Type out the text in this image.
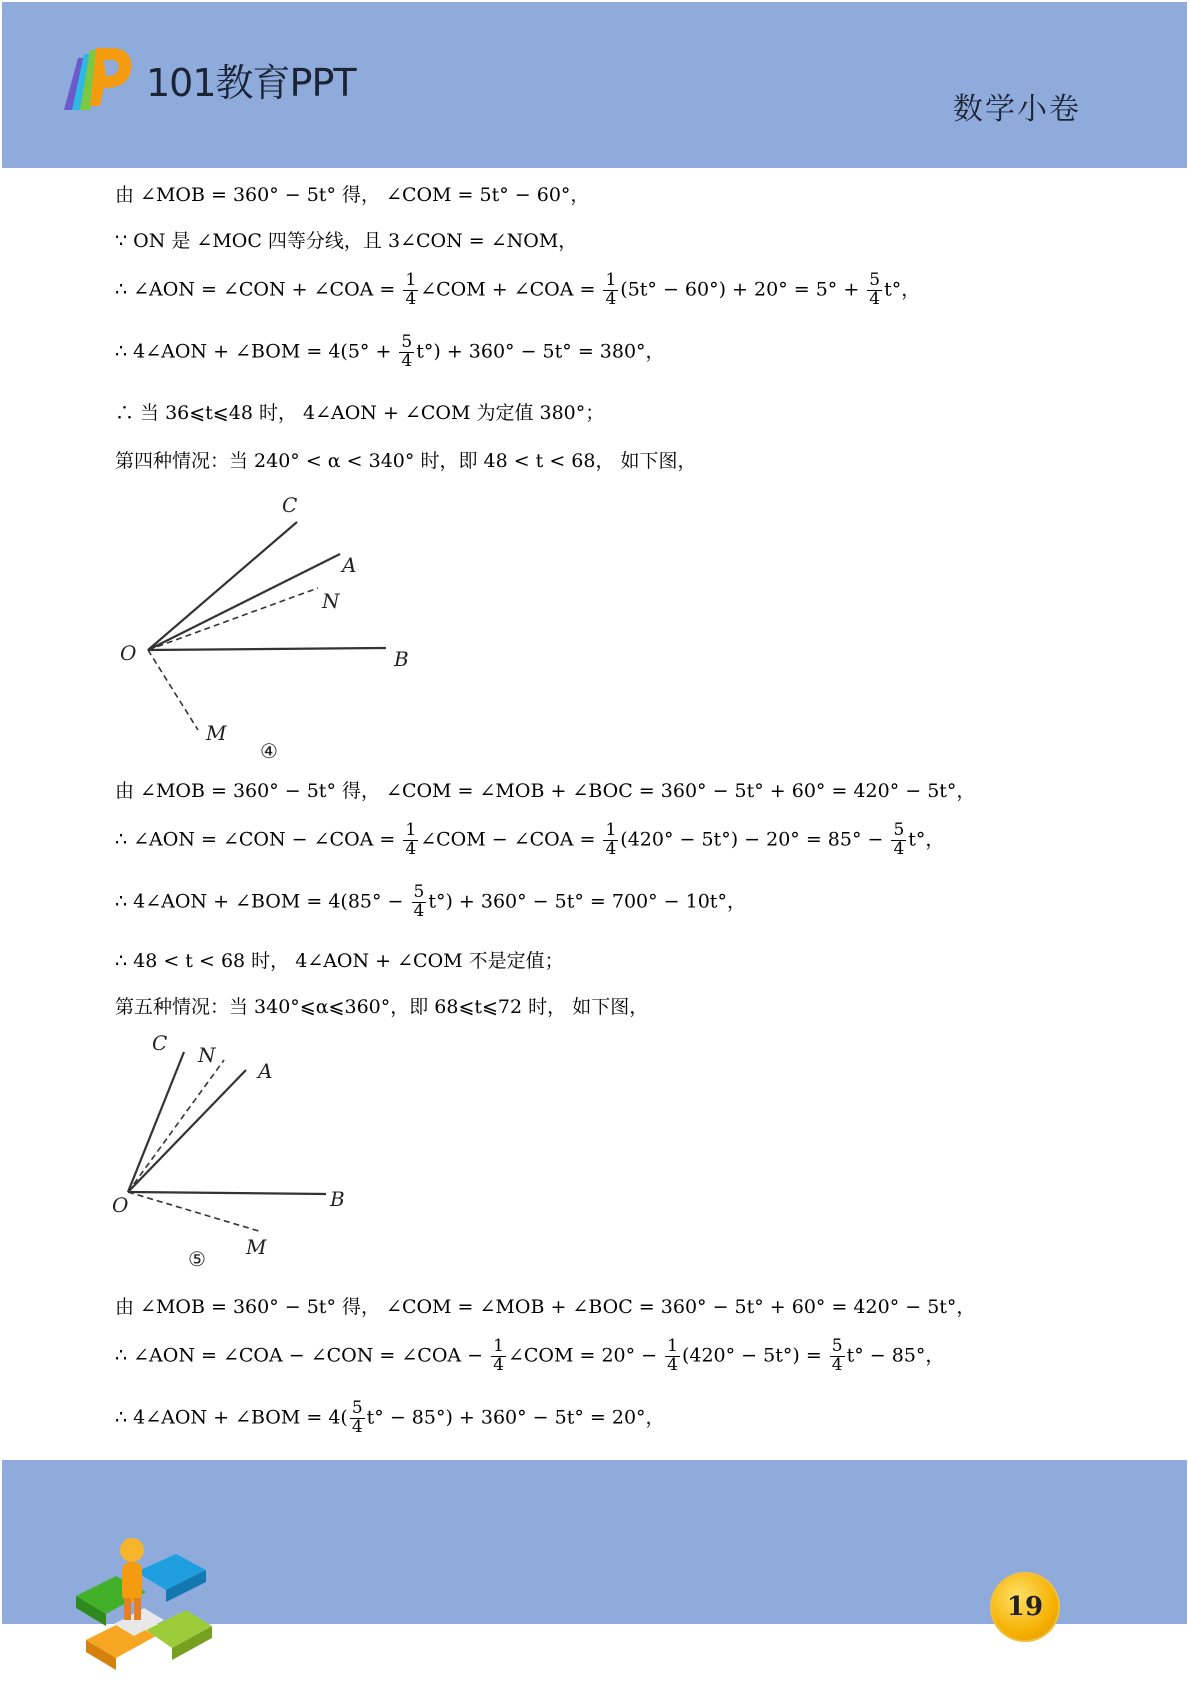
101教育PPT
数学小卷
由 ∠MOB = 360° − 5t° 得， ∠COM = 5t° − 60°，
∵ ON 是 ∠MOC 四等分线，且 3∠CON = ∠NOM，
∴ ∠AON = ∠CON + ∠COA = $\frac{1}{4}$ ∠COM + ∠COA = $\frac{1}{4} (5t^\circ - 60^\circ) + 20^\circ = 5^\circ + \frac{5}{4} t^\circ$，
∴ 4∠AON + ∠BOM = $4(5^\circ + \frac{5}{4} t^\circ) + 360^\circ - 5t^\circ = 380^\circ$，
∴ 当 36⩽t⩽48 时， 4∠AON + ∠COM 为定值 380°；
第四种情况：当 240° < α < 340° 时，即 48 < t < 68， 如下图，
C
A
N
O	B
M
④
由 ∠MOB = 360° − 5t° 得， ∠COM = ∠MOB + ∠BOC = 360° − 5t° + 60° = 420° − 5t°，
∴ ∠AON = ∠CON − ∠COA = $\frac{1}{4}$ ∠COM − ∠COA = $\frac{1}{4} (420^\circ - 5t^\circ) - 20^\circ = 85^\circ - \frac{5}{4} t^\circ$，
∴ 4∠AON + ∠BOM = $4(85^\circ - \frac{5}{4} t^\circ) + 360^\circ - 5t^\circ = 700^\circ - 10t^\circ$，
∴ 48 < t < 68 时， 4∠AON + ∠COM 不是定值；
第五种情况：当 340°⩽α⩽360°，即 68⩽t⩽72 时， 如下图，
C N
A
O	B
M
⑤
由 ∠MOB = 360° − 5t° 得， ∠COM = ∠MOB + ∠BOC = 360° − 5t° + 60° = 420° − 5t°，
∴ ∠AON = ∠COA − ∠CON = ∠COA − $\frac{1}{4}$ ∠COM = $20^\circ - \frac{1}{4} (420^\circ - 5t^\circ) = \frac{5}{4} t^\circ - 85^\circ$，
∴ 4∠AON + ∠BOM = $4( \frac{5}{4} t^\circ - 85^\circ) + 360^\circ - 5t^\circ = 20^\circ$，
19
